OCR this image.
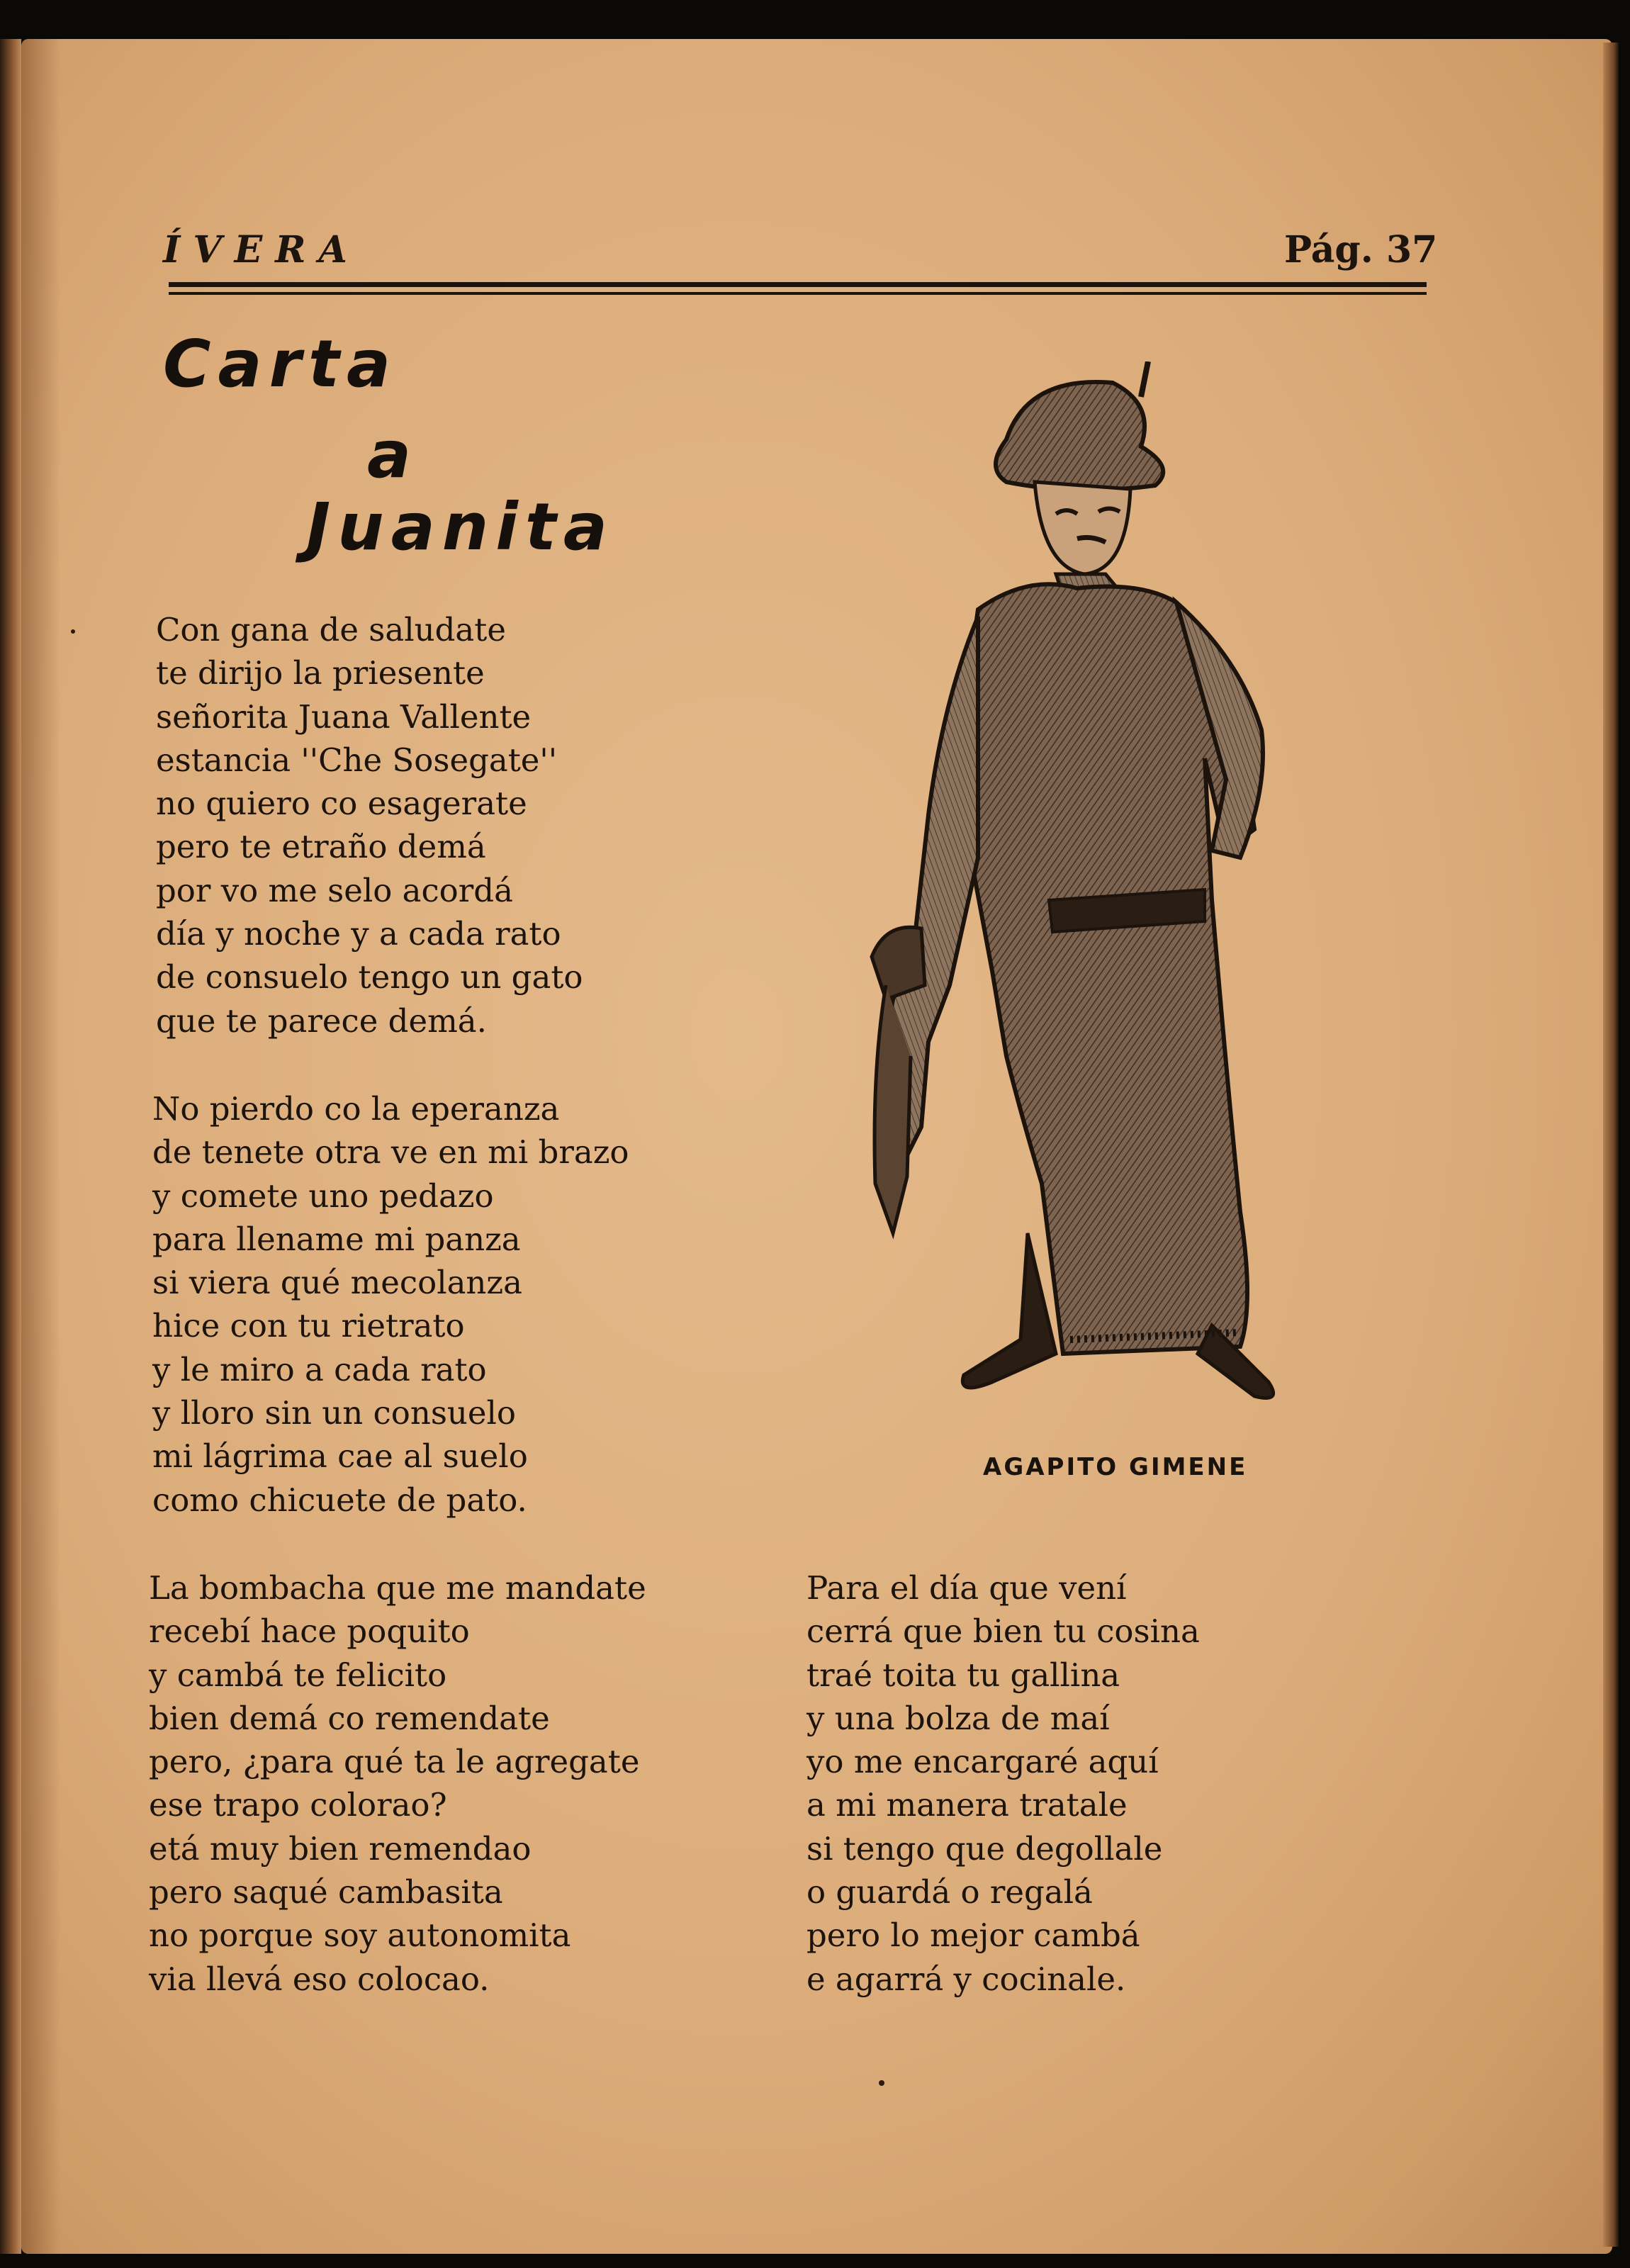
ÍVERA	Pág. 37
Carta
a
Juanita
Con gana de saludate
te dirijo la priesente
señorita Juana Vallente
estancia ''Che Sosegate''
no quiero co esagerate
pero te etraño demá
por vo me selo acordá
día y noche y a cada rato
de consuelo tengo un gato
que te parece demá.
No pierdo co la eperanza
de tenete otra ve en mi brazo
y comete uno pedazo
para llename mi panza
si viera qué mecolanza
hice con tu rietrato
y le miro a cada rato
y lloro sin un consuelo
mi lágrima cae al suelo
como chicuete de pato.
La bombacha que me mandate
recebí hace poquito
y cambá te felicito
bien demá co remendate
pero, ¿para qué ta le agregate
ese trapo colorao?
etá muy bien remendao
pero saqué cambasita
no porque soy autonomita
via llevá eso colocao.
Para el día que vení
cerrá que bien tu cosina
traé toita tu gallina
y una bolza de maí
yo me encargaré aquí
a mi manera tratale
si tengo que degollale
o guardá o regalá
pero lo mejor cambá
e agarrá y cocinale.
AGAPITO GIMENE
